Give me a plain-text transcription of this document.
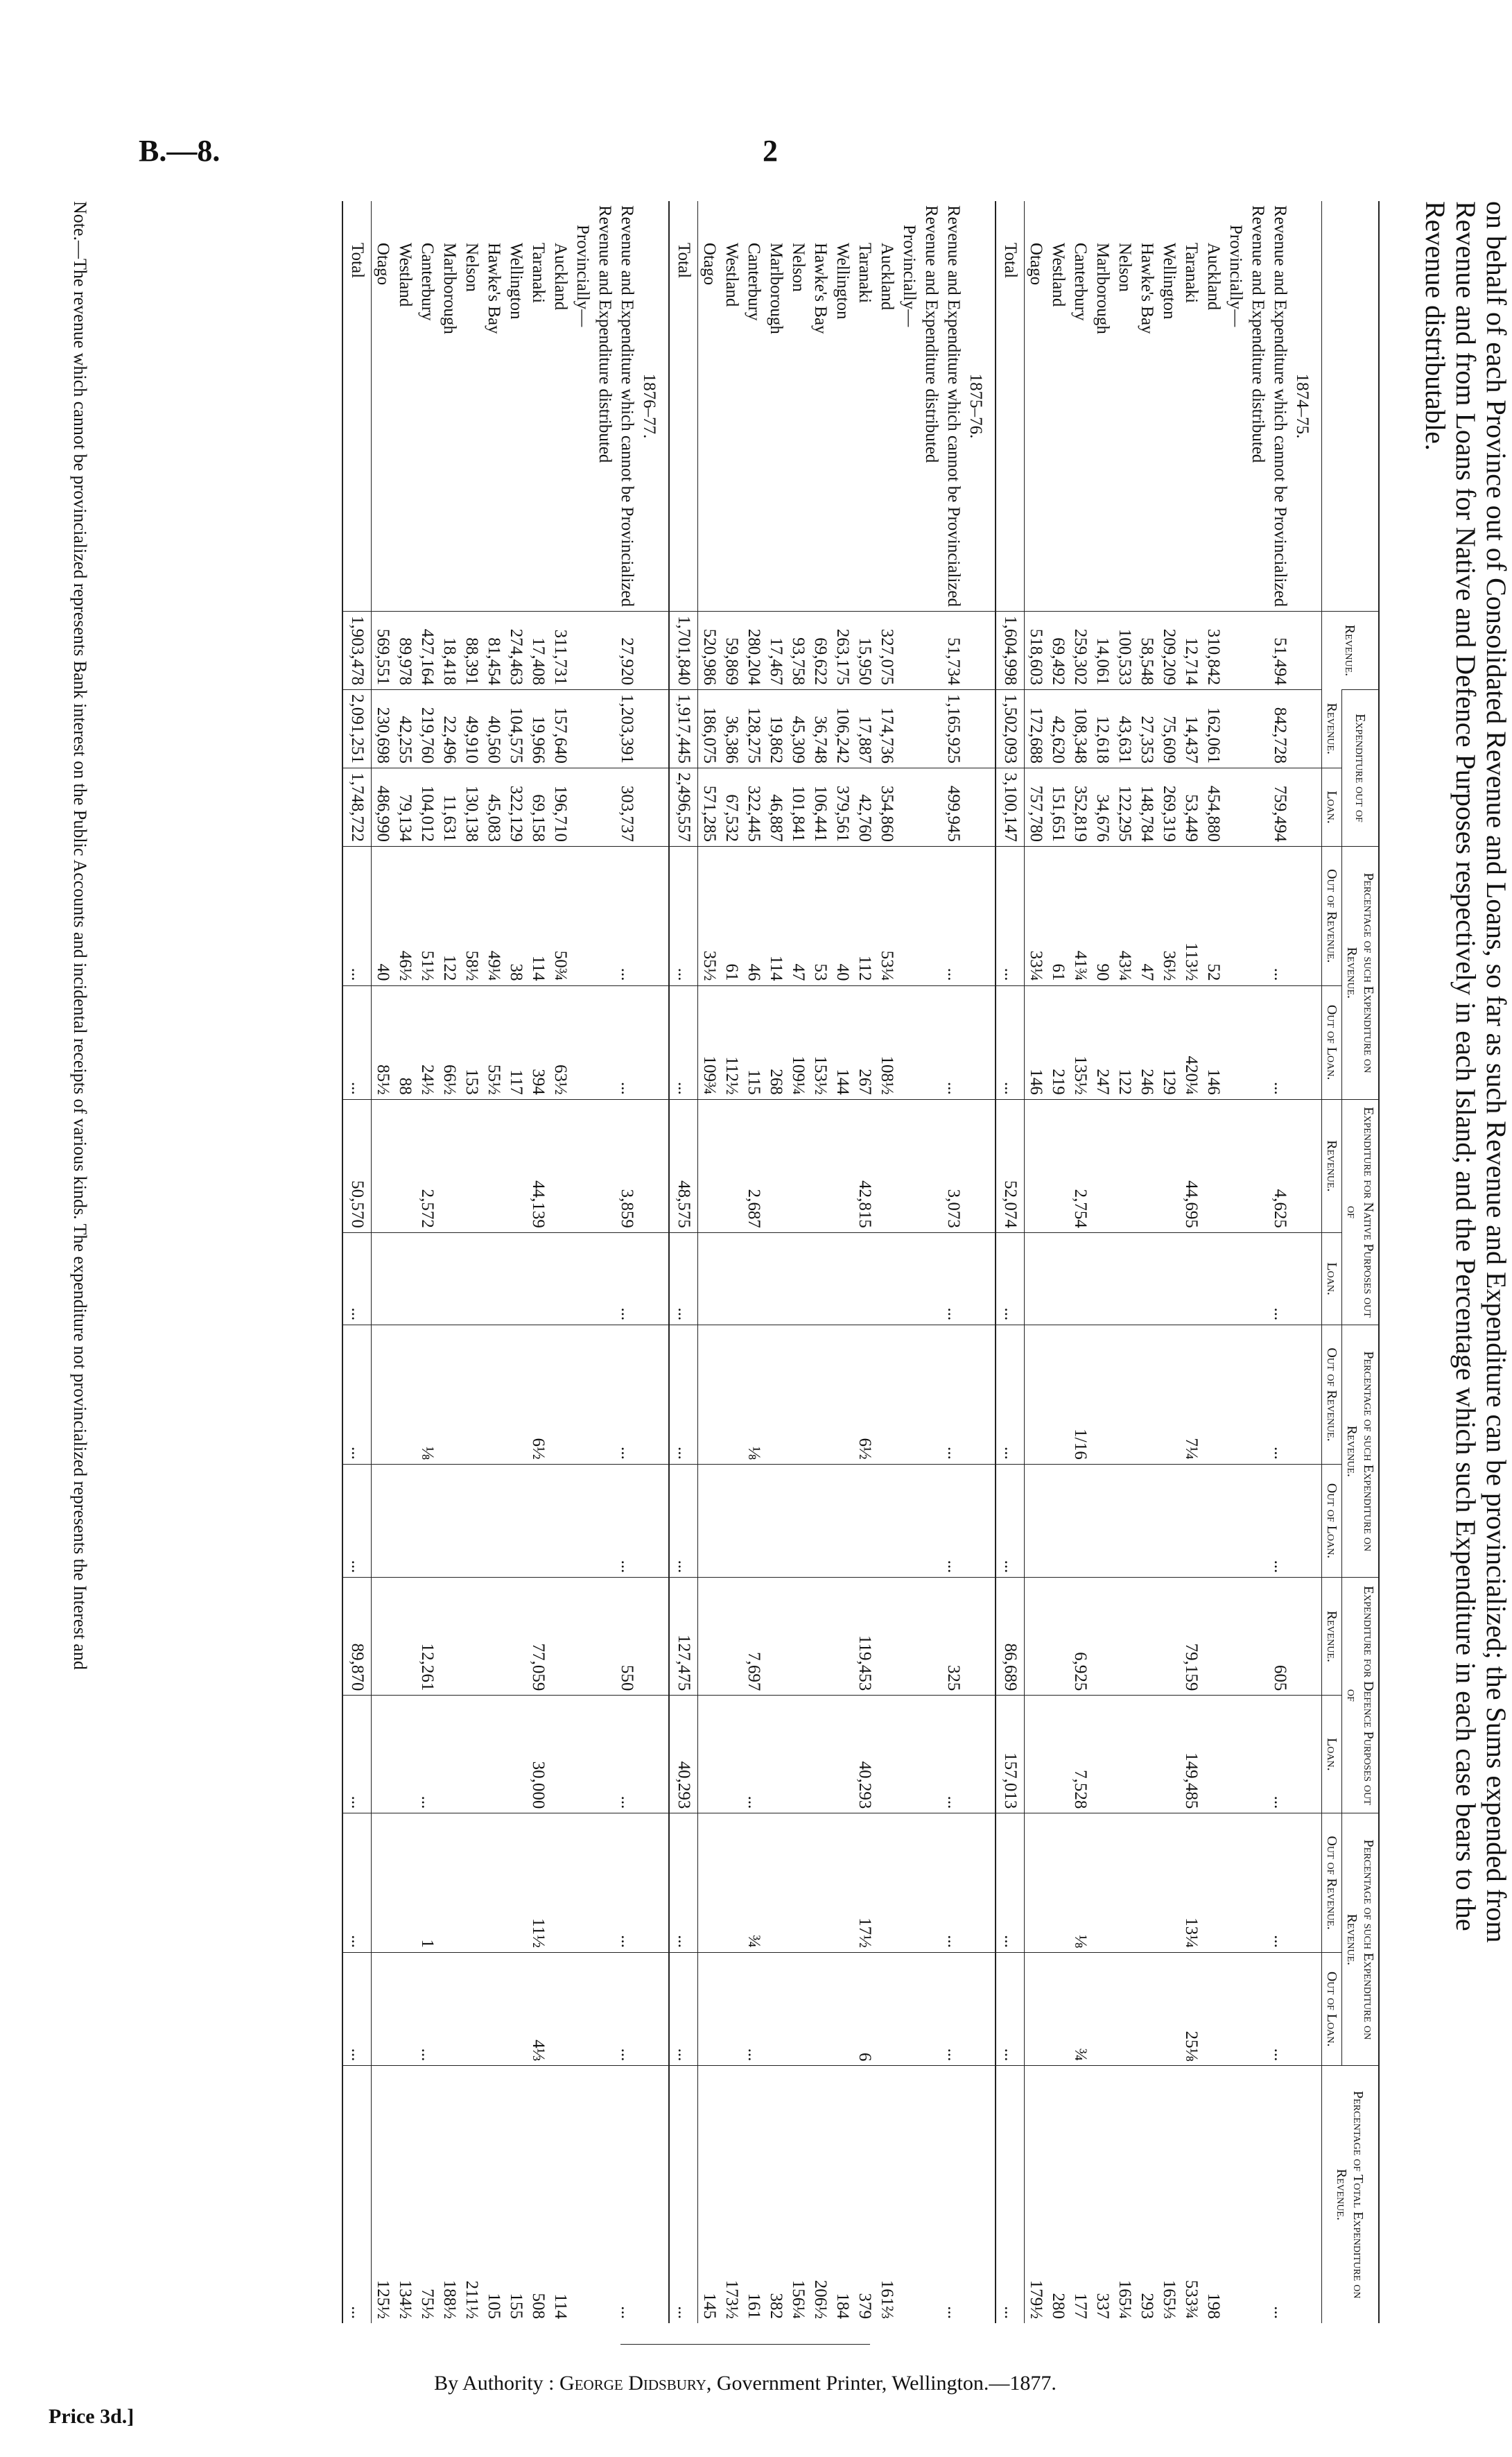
B.—8.	2
on behalf of each Province out of Consolidated Revenue and Loans, so far as such Revenue and Expenditure can be provincialized; the Sums expended from
Revenue and from Loans for Native and Defence Purposes respectively in each Island; and the Percentage which such Expenditure in each case bears to the
Revenue distributable.
	Revenue.	Expenditure out of		Percentage of such Expenditure on Revenue.		Expenditure for Native Purposes out of		Percentage of such Expenditure on Revenue.		Expenditure for Defence Purposes out of		Percentage of such Expenditure on Revenue.		Percentage of Total Expenditure on Revenue.
		Revenue.	Loan.	Out of Revenue.	Out of Loan.	Revenue.	Loan.	Out of Revenue.	Out of Loan.	Revenue.	Loan.	Out of Revenue.	Out of Loan.	
1874–75.														
Revenue and Expenditure which cannot be Provincialized	51,494	842,728	759,494	...	...	4,625	...	...	...	605	...	...	...	...
Revenue and Expenditure distributed														
Provincially—														
Auckland	310,842	162,061	454,880	52	146									198
Taranaki	12,714	14,437	53,449	113½	420¼	44,695		7¼		79,159	149,485	13¼	25⅛	533¾
Wellington	209,209	75,609	269,319	36½	129									165⅓
Hawke's Bay	58,548	27,353	148,784	47	246									293
Nelson	100,533	43,631	122,295	43¼	122									165¼
Marlborough	14,061	12,618	34,676	90	247									337
Canterbury	259,302	108,348	352,819	41¾	135½	2,754		1/16		6,925	7,528	⅛	¾	177
Westland	69,492	42,620	151,651	61	219									280
Otago	518,603	172,688	757,780	33¼	146									179½
Total	1,604,998	1,502,093	3,100,147	...	...	52,074	...	...	...	86,689	157,013	...	...	...
1875–76.														
Revenue and Expenditure which cannot be Provincialized	51,734	1,165,925	499,945	...	...	3,073	...	...	...	325	...	...	...	...
Revenue and Expenditure distributed														
Provincially—														
Auckland	327,075	174,736	354,860	53¼	108½									161⅔
Taranaki	15,950	17,887	42,760	112	267	42,815		6½		119,453	40,293	17½	6	379
Wellington	263,175	106,242	379,561	40	144									184
Hawke's Bay	69,622	36,748	106,441	53	153½									206½
Nelson	93,758	45,309	101,841	47	109¼									156¼
Marlborough	17,467	19,862	46,887	114	268									382
Canterbury	280,204	128,275	322,445	46	115	2,687		⅛		7,697	...	¾	...	161
Westland	59,869	36,386	67,532	61	112½									173½
Otago	520,986	186,075	571,285	35½	109¾									145
Total	1,701,840	1,917,445	2,496,557	...	...	48,575	...	...	...	127,475	40,293	...	...	...
1876–77.														
Revenue and Expenditure which cannot be Provincialized	27,920	1,203,391	303,737	...	...	3,859	...	...	...	550	...	...	...	...
Revenue and Expenditure distributed														
Provincially—														
Auckland	311,731	157,640	196,710	50¾	63½									114
Taranaki	17,408	19,966	69,158	114	394	44,139		6½		77,059	30,000	11½	4⅓	508
Wellington	274,463	104,575	322,129	38	117									155
Hawke's Bay	81,454	40,560	45,083	49¼	55½									105
Nelson	88,391	49,910	130,138	58½	153									211½
Marlborough	18,418	22,496	11,631	122	66½									188½
Canterbury	427,164	219,760	104,012	51½	24½	2,572		⅛		12,261	...	1	...	75½
Westland	89,978	42,255	79,134	46½	88									134½
Otago	569,551	230,698	486,990	40	85½									125½
Total	1,903,478	2,091,251	1,748,722	...	...	50,570	...	...	...	89,870	...	...	...	...
Note.—The revenue which cannot be provincialized represents Bank interest on the Public Accounts and incidental receipts of various kinds. The expenditure not provincialized represents the Interest and
By Authority : George Didsbury, Government Printer, Wellington.—1877.
Price 3d.]
